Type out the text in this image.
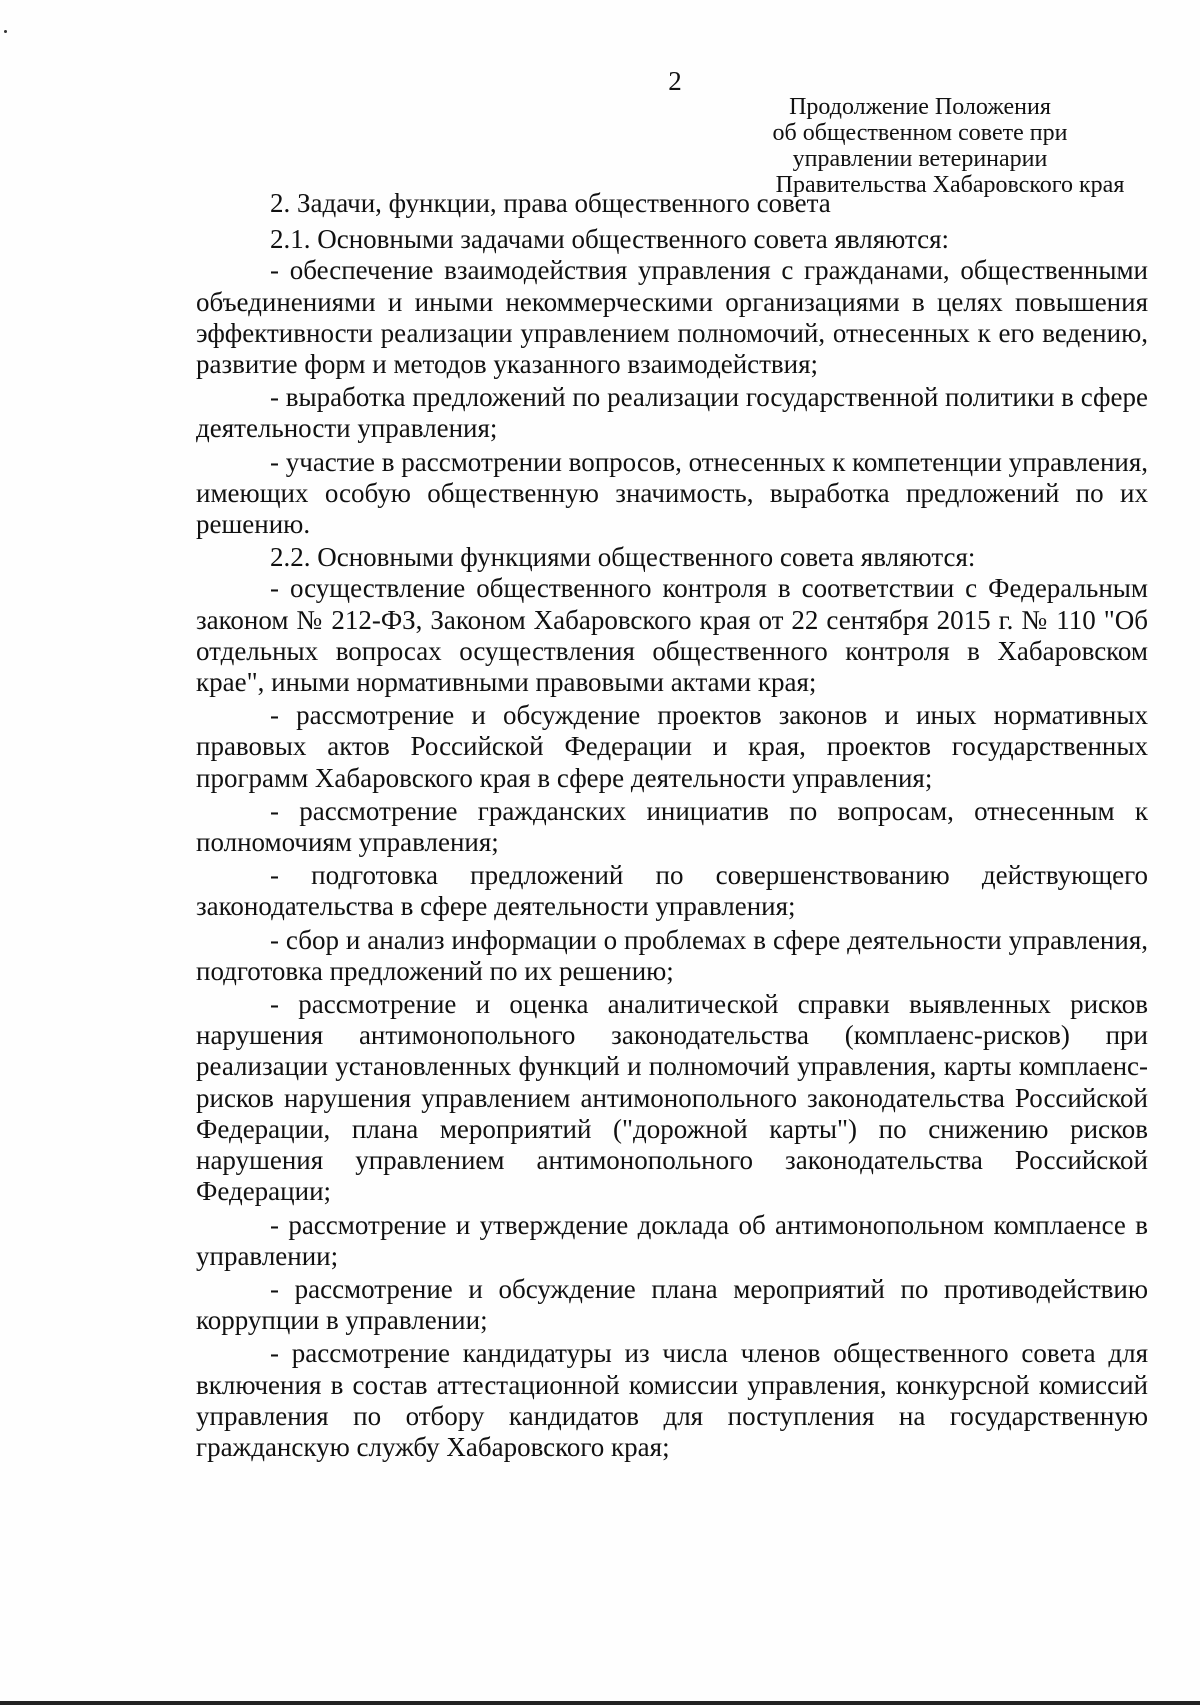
2
Продолжение Положения
об общественном совете при
управлении ветеринарии
Правительства Хабаровского края

2. Задачи, функции, права общественного совета

2.1. Основными задачами общественного совета являются:

- обеспечение взаимодействия управления с гражданами, общественными объединениями и иными некоммерческими организациями в целях повышения эффективности реализации управлением полномочий, отнесенных к его ведению, развитие форм и методов указанного взаимодействия;

- выработка предложений по реализации государственной политики в сфере деятельности управления;

- участие в рассмотрении вопросов, отнесенных к компетенции управления, имеющих особую общественную значимость, выработка предложений по их решению.

2.2. Основными функциями общественного совета являются:

- осуществление общественного контроля в соответствии с Федеральным законом № 212-ФЗ, Законом Хабаровского края от 22 сентября 2015 г. № 110 "Об отдельных вопросах осуществления общественного контроля в Хабаровском крае", иными нормативными правовыми актами края;

- рассмотрение и обсуждение проектов законов и иных нормативных правовых актов Российской Федерации и края, проектов государственных программ Хабаровского края в сфере деятельности управления;

- рассмотрение гражданских инициатив по вопросам, отнесенным к полномочиям управления;

- подготовка предложений по совершенствованию действующего законодательства в сфере деятельности управления;

- сбор и анализ информации о проблемах в сфере деятельности управления, подготовка предложений по их решению;

- рассмотрение и оценка аналитической справки выявленных рисков нарушения антимонопольного законодательства (комплаенс-рисков) при реализации установленных функций и полномочий управления, карты комплаенс-рисков нарушения управлением антимонопольного законодательства Российской Федерации, плана мероприятий ("дорожной карты") по снижению рисков нарушения управлением антимонопольного законодательства Российской Федерации;

- рассмотрение и утверждение доклада об антимонопольном комплаенсе в управлении;

- рассмотрение и обсуждение плана мероприятий по противодействию коррупции в управлении;

- рассмотрение кандидатуры из числа членов общественного совета для включения в состав аттестационной комиссии управления, конкурсной комиссий управления по отбору кандидатов для поступления на государственную гражданскую службу Хабаровского края;
